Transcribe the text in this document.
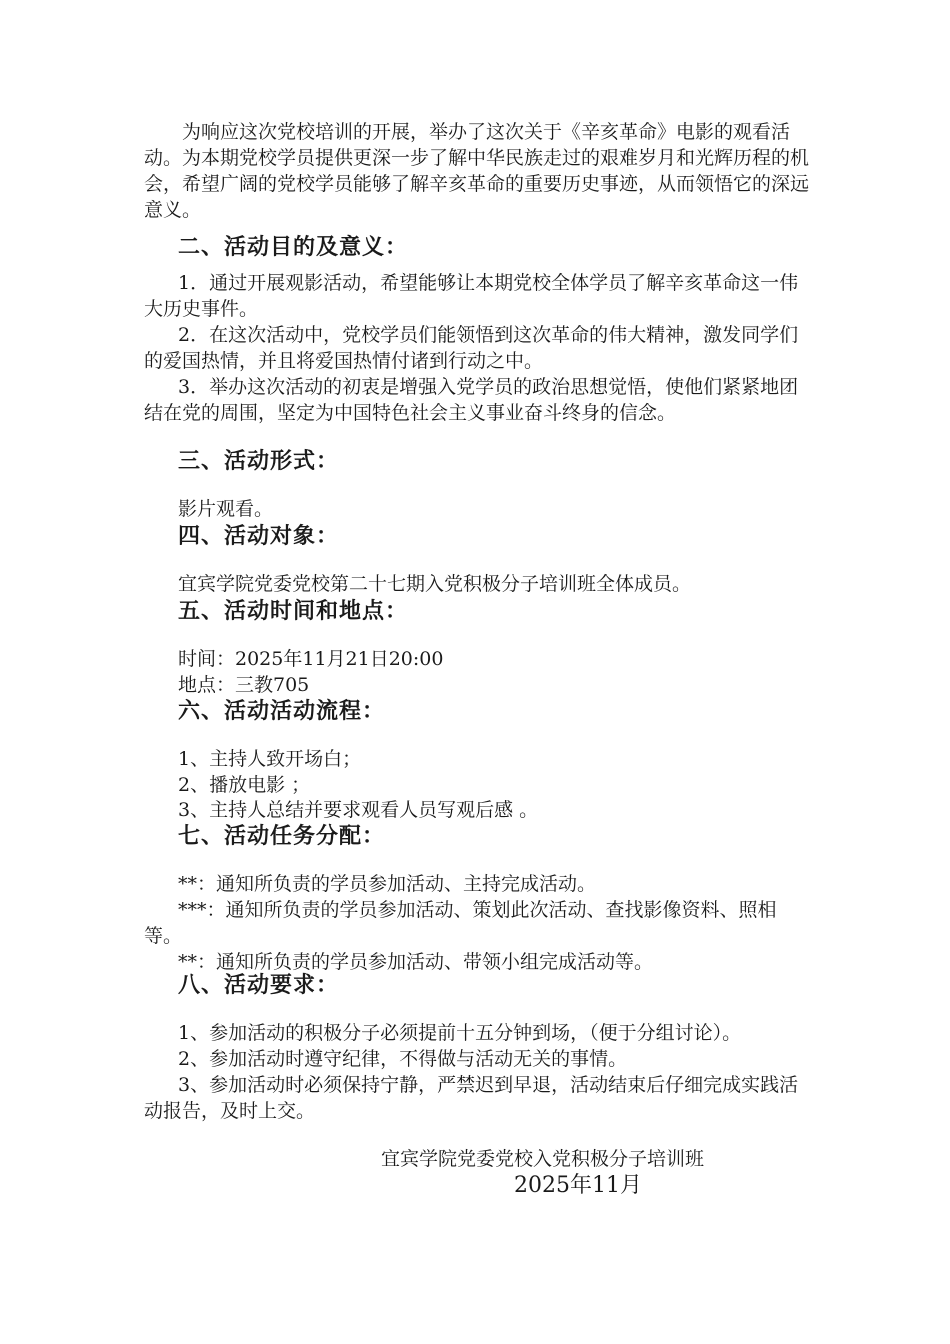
为响应这次党校培训的开展，举办了这次关于《辛亥革命》电影的观看活动。为本期党校学员提供更深一步了解中华民族走过的艰难岁月和光辉历程的机会，希望广阔的党校学员能够了解辛亥革命的重要历史事迹，从而领悟它的深远意义。
二、活动目的及意义：

1．通过开展观影活动，希望能够让本期党校全体学员了解辛亥革命这一伟大历史事件。

2．在这次活动中，党校学员们能领悟到这次革命的伟大精神，激发同学们的爱国热情，并且将爱国热情付诸到行动之中。

3．举办这次活动的初衷是增强入党学员的政治思想觉悟，使他们紧紧地团结在党的周围，坚定为中国特色社会主义事业奋斗终身的信念。

三、活动形式：
影片观看。
四、活动对象：
宜宾学院党委党校第二十七期入党积极分子培训班全体成员。
五、活动时间和地点：
时间：2025年11月21日20:00
地点：三教705
六、活动活动流程：
1、主持人致开场白；
2、播放电影 ；
3、主持人总结并要求观看人员写观后感 。
七、活动任务分配：

**：通知所负责的学员参加活动、主持完成活动。

***：通知所负责的学员参加活动、策划此次活动、查找影像资料、照相等。

**：通知所负责的学员参加活动、带领小组完成活动等。

八、活动要求：

1、参加活动的积极分子必须提前十五分钟到场，（便于分组讨论）。

2、参加活动时遵守纪律，不得做与活动无关的事情。

3、参加活动时必须保持宁静，严禁迟到早退，活动结束后仔细完成实践活动报告，及时上交。

宜宾学院党委党校入党积极分子培训班
2025年11月
